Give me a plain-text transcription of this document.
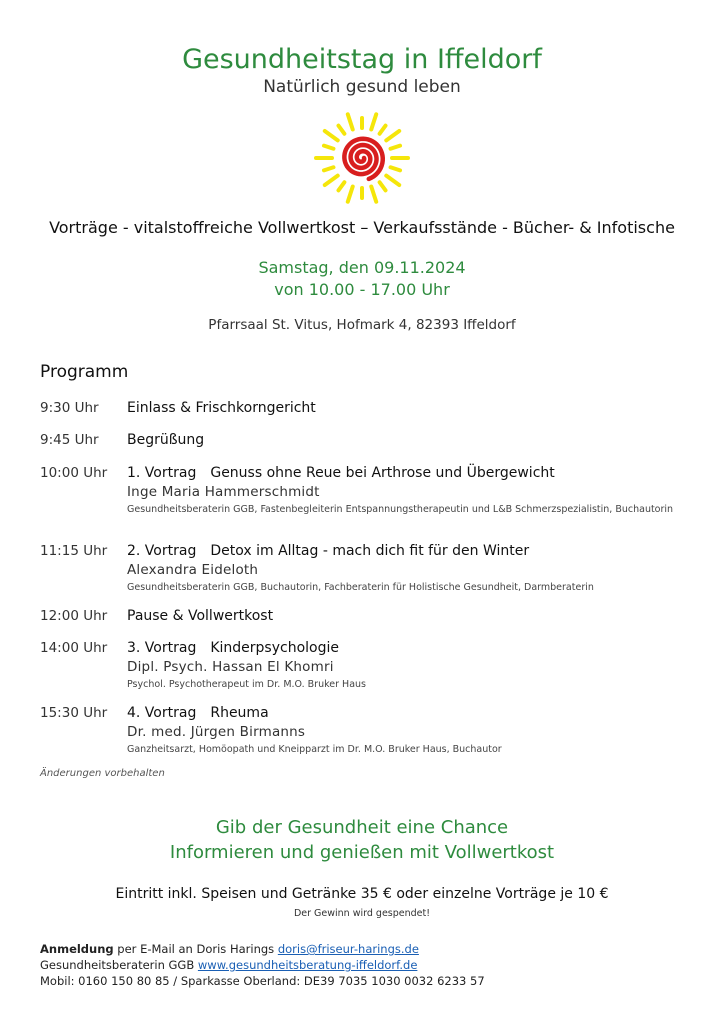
Gesundheitstag in Iffeldorf
Natürlich gesund leben
Vorträge - vitalstoffreiche Vollwertkost – Verkaufsstände - Bücher- & Infotische
Samstag, den 09.11.2024
von 10.00 - 17.00 Uhr
Pfarrsaal St. Vitus, Hofmark 4, 82393 Iffeldorf
Programm
9:30 Uhr Einlass & Frischkorngericht
9:45 Uhr Begrüßung
10:00 Uhr 1. Vortrag Genuss ohne Reue bei Arthrose und Übergewicht
Inge Maria Hammerschmidt
Gesundheitsberaterin GGB, Fastenbegleiterin Entspannungstherapeutin und L&B Schmerzspezialistin, Buchautorin
11:15 Uhr 2. Vortrag Detox im Alltag - mach dich fit für den Winter
Alexandra Eideloth
Gesundheitsberaterin GGB, Buchautorin, Fachberaterin für Holistische Gesundheit, Darmberaterin
12:00 Uhr Pause & Vollwertkost
14:00 Uhr 3. Vortrag Kinderpsychologie
Dipl. Psych. Hassan El Khomri
Psychol. Psychotherapeut im Dr. M.O. Bruker Haus
15:30 Uhr 4. Vortrag Rheuma
Dr. med. Jürgen Birmanns
Ganzheitsarzt, Homöopath und Kneipparzt im Dr. M.O. Bruker Haus, Buchautor
Änderungen vorbehalten
Gib der Gesundheit eine Chance
Informieren und genießen mit Vollwertkost
Eintritt inkl. Speisen und Getränke 35 € oder einzelne Vorträge je 10 €
Der Gewinn wird gespendet!
Anmeldung per E-Mail an Doris Harings doris@friseur-harings.de
Gesundheitsberaterin GGB www.gesundheitsberatung-iffeldorf.de
Mobil: 0160 150 80 85 / Sparkasse Oberland: DE39 7035 1030 0032 6233 57
